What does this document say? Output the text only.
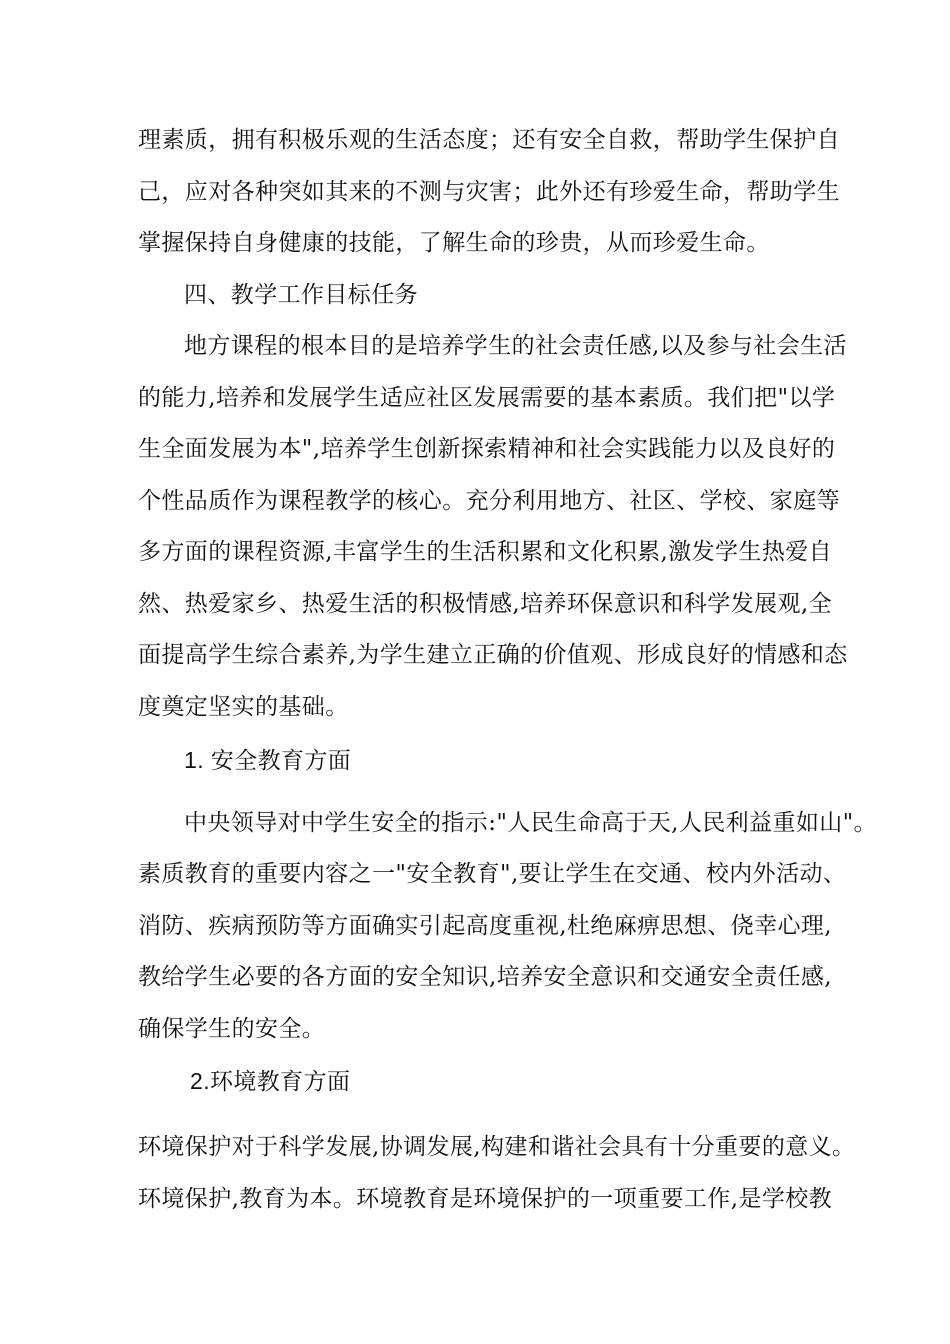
理素质，拥有积极乐观的生活态度；还有安全自救，帮助学生保护自
己，应对各种突如其来的不测与灾害；此外还有珍爱生命，帮助学生
掌握保持自身健康的技能，了解生命的珍贵，从而珍爱生命。
四、教学工作目标任务
地方课程的根本目的是培养学生的社会责任感,以及参与社会生活
的能力,培养和发展学生适应社区发展需要的基本素质。我们把"以学
生全面发展为本",培养学生创新探索精神和社会实践能力以及良好的
个性品质作为课程教学的核心。充分利用地方、社区、学校、家庭等
多方面的课程资源,丰富学生的生活积累和文化积累,激发学生热爱自
然、热爱家乡、热爱生活的积极情感,培养环保意识和科学发展观,全
面提高学生综合素养,为学生建立正确的价值观、形成良好的情感和态
度奠定坚实的基础。
1. 安全教育方面
中央领导对中学生安全的指示:"人民生命高于天,人民利益重如山"。
素质教育的重要内容之一"安全教育",要让学生在交通、校内外活动、
消防、疾病预防等方面确实引起高度重视,杜绝麻痹思想、侥幸心理,
教给学生必要的各方面的安全知识,培养安全意识和交通安全责任感,
确保学生的安全。
2.环境教育方面
环境保护对于科学发展,协调发展,构建和谐社会具有十分重要的意义。
环境保护,教育为本。环境教育是环境保护的一项重要工作,是学校教
